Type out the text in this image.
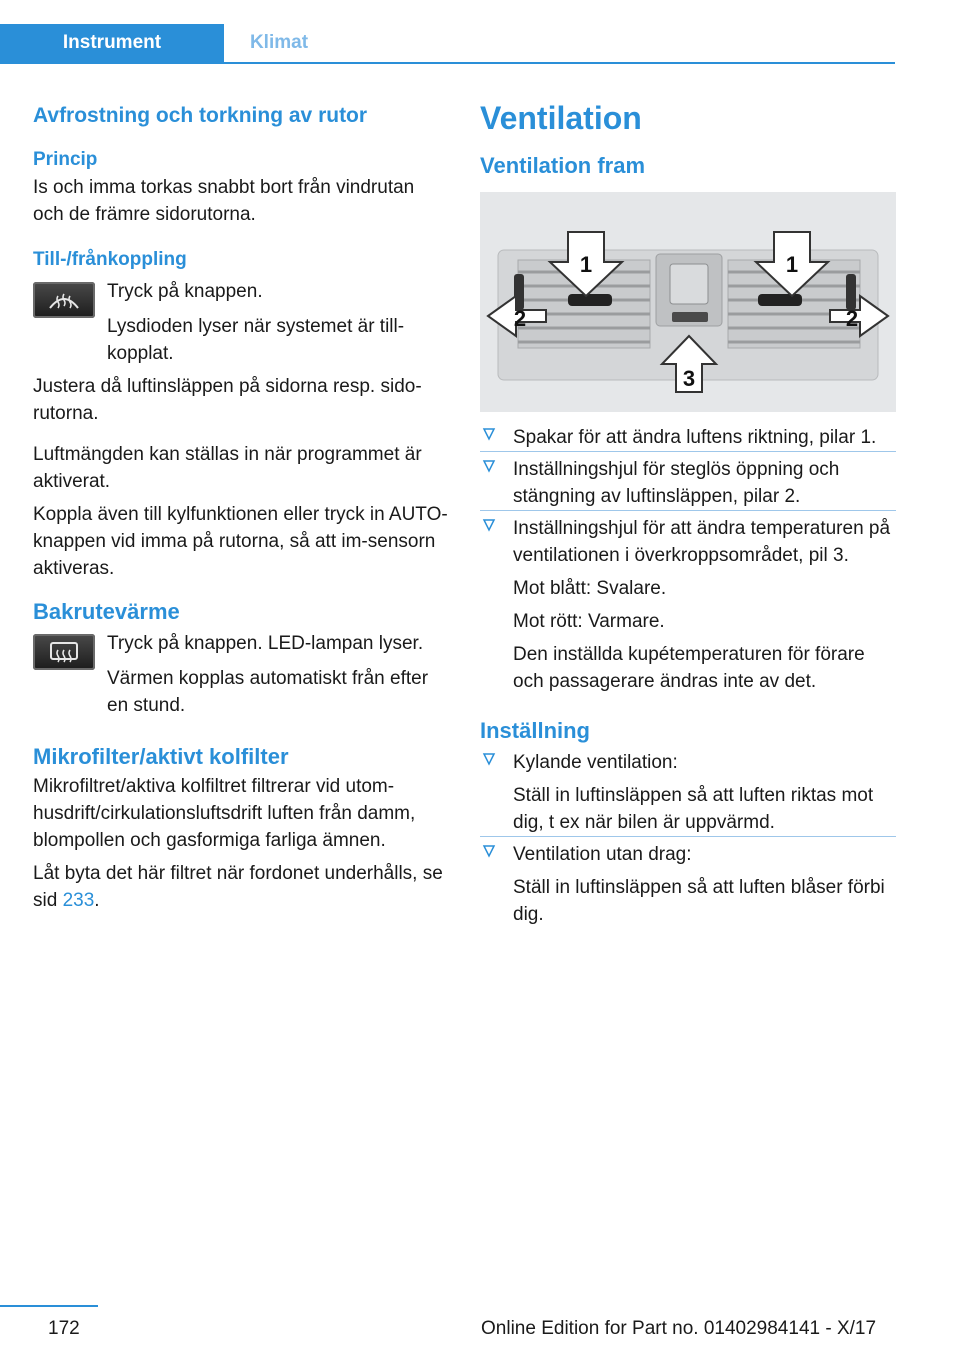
Instrument	Klimat
Avfrostning och torkning av rutor
Princip

Is och imma torkas snabbt bort från vindrutan och de främre sidorutorna.

Till-/frånkoppling

Tryck på knappen.

Lysdioden lyser när systemet är till-kopplat.

Justera då luftinsläppen på sidorna resp. sido-rutorna.

Luftmängden kan ställas in när programmet är aktiverat.

Koppla även till kylfunktionen eller tryck in AUTO-knappen vid imma på rutorna, så att im-sensorn aktiveras.

Bakrutevärme

Tryck på knappen. LED-lampan lyser.

Värmen kopplas automatiskt från efter en stund.

Mikrofilter/aktivt kolfilter

Mikrofiltret/aktiva kolfiltret filtrerar vid utom-husdrift/cirkulationsluftsdrift luften från damm, blompollen och gasformiga farliga ämnen.

Låt byta det här filtret när fordonet underhålls, se sid 233.

Ventilation
Ventilation fram
1	1
2	2
3
Spakar för att ändra luftens riktning, pilar 1.
Inställningshjul för steglös öppning och stängning av luftinsläppen, pilar 2.
Inställningshjul för att ändra temperaturen på ventilationen i överkroppsområdet, pil 3.
Mot blått: Svalare.
Mot rött: Varmare.
Den inställda kupétemperaturen för förare och passagerare ändras inte av det.
Inställning
Kylande ventilation:
Ställ in luftinsläppen så att luften riktas mot dig, t ex när bilen är uppvärmd.
Ventilation utan drag:
Ställ in luftinsläppen så att luften blåser förbi dig.
172	Online Edition for Part no. 01402984141 - X/17
